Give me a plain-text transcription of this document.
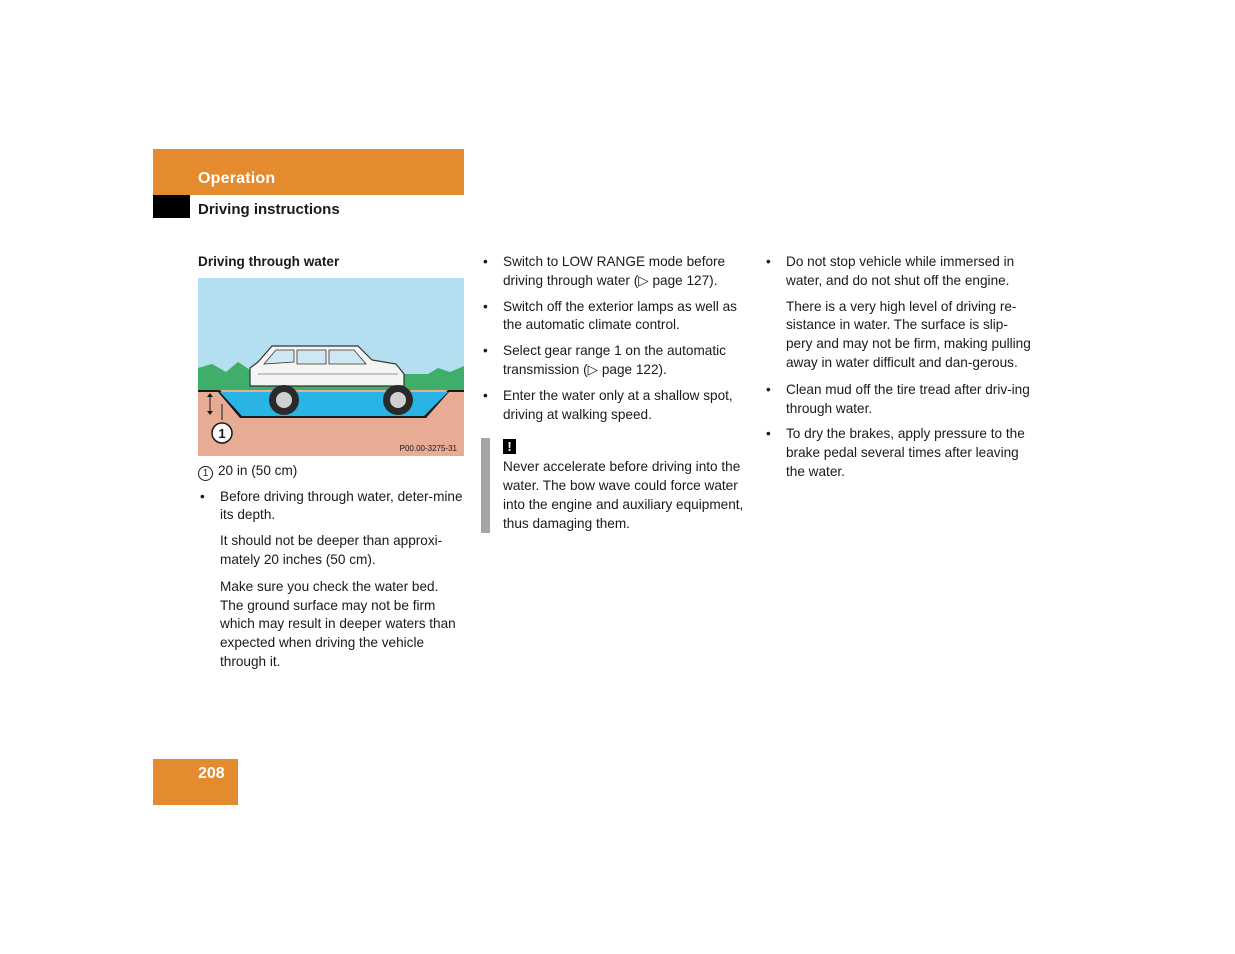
Operation
Driving instructions
Driving through water
1
P00.00-3275-31
1 20 in (50 cm)
• Before driving through water, deter-mine its depth.
It should not be deeper than approxi-mately 20 inches (50 cm).
Make sure you check the water bed. The ground surface may not be firm which may result in deeper waters than expected when driving the vehicle through it.
• Switch to LOW RANGE mode before driving through water (▷ page 127).
• Switch off the exterior lamps as well as the automatic climate control.
• Select gear range 1 on the automatic transmission (▷ page 122).
• Enter the water only at a shallow spot, driving at walking speed.
!
Never accelerate before driving into the water. The bow wave could force water into the engine and auxiliary equipment, thus damaging them.
• Do not stop vehicle while immersed in water, and do not shut off the engine.
There is a very high level of driving re-sistance in water. The surface is slip-pery and may not be firm, making pulling away in water difficult and dan-gerous.
• Clean mud off the tire tread after driv-ing through water.
• To dry the brakes, apply pressure to the brake pedal several times after leaving the water.
208
